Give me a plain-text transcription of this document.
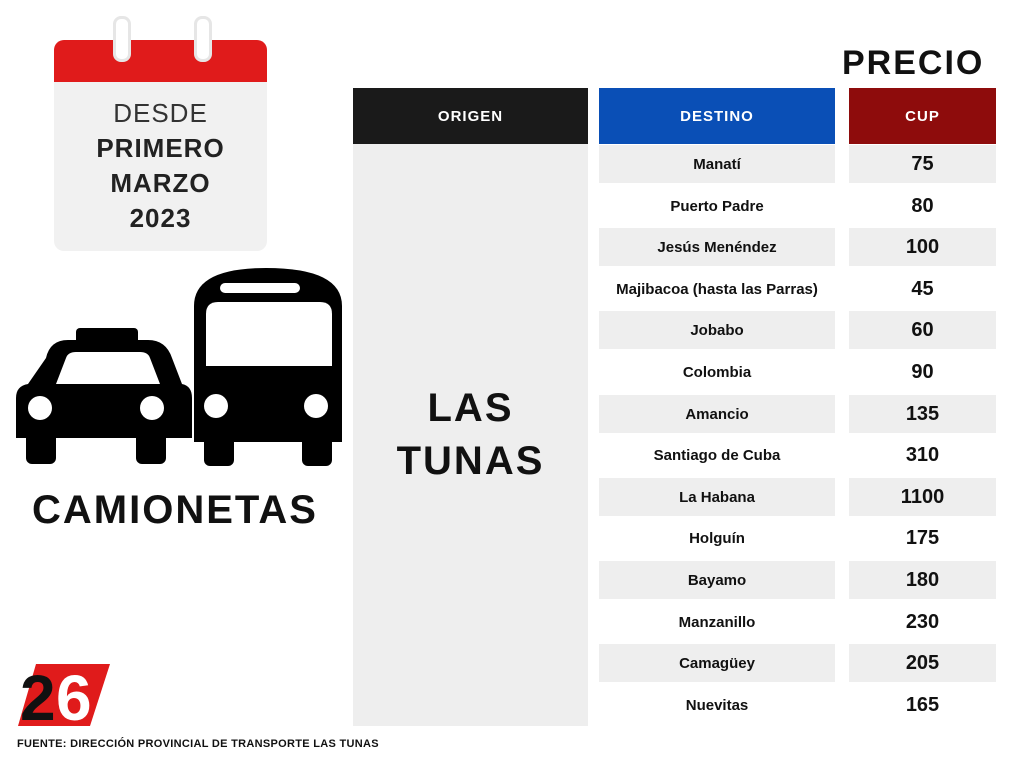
DESDE
PRIMERO
MARZO
2023
CAMIONETAS
2 6
FUENTE: DIRECCIÓN PROVINCIAL DE TRANSPORTE LAS TUNAS
PRECIO
ORIGEN	DESTINO	CUP
LAS TUNAS
Manatí	75
Puerto Padre	80
Jesús Menéndez	100
Majibacoa (hasta las Parras)	45
Jobabo	60
Colombia	90
Amancio	135
Santiago de Cuba	310
La Habana	1100
Holguín	175
Bayamo	180
Manzanillo	230
Camagüey	205
Nuevitas	165
